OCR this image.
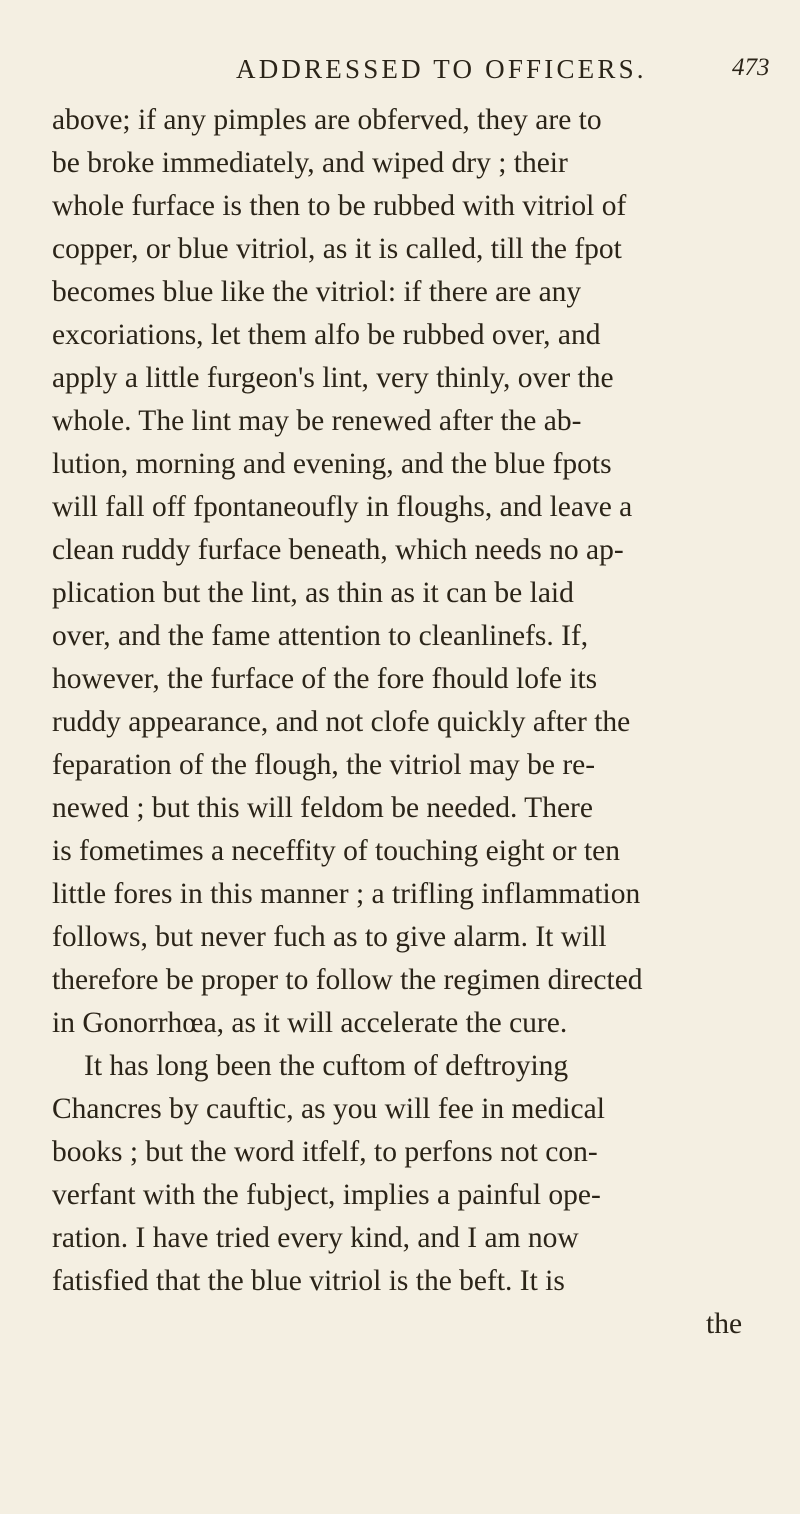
ADDRESSED TO OFFICERS.	473
above; if any pimples are obferved, they are to
be broke immediately, and wiped dry ; their
whole furface is then to be rubbed with vitriol of
copper, or blue vitriol, as it is called, till the fpot
becomes blue like the vitriol: if there are any
excoriations, let them alfo be rubbed over, and
apply a little furgeon's lint, very thinly, over the
whole. The lint may be renewed after the ab-
lution, morning and evening, and the blue fpots
will fall off fpontaneoufly in floughs, and leave a
clean ruddy furface beneath, which needs no ap-
plication but the lint, as thin as it can be laid
over, and the fame attention to cleanlinefs. If,
however, the furface of the fore fhould lofe its
ruddy appearance, and not clofe quickly after the
feparation of the flough, the vitriol may be re-
newed ; but this will feldom be needed. There
is fometimes a neceffity of touching eight or ten
little fores in this manner ; a trifling inflammation
follows, but never fuch as to give alarm. It will
therefore be proper to follow the regimen directed
in Gonorrhœa, as it will accelerate the cure.
It has long been the cuftom of deftroying
Chancres by cauftic, as you will fee in medical
books ; but the word itfelf, to perfons not con-
verfant with the fubject, implies a painful ope-
ration. I have tried every kind, and I am now
fatisfied that the blue vitriol is the beft. It is
the
